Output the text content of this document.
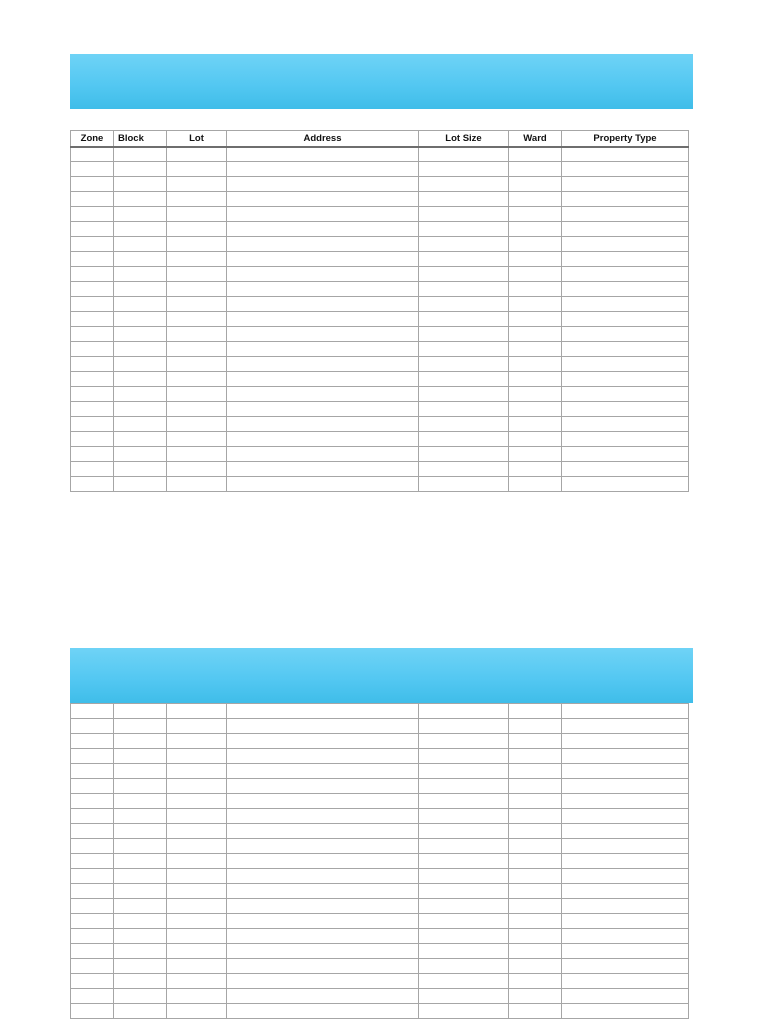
Zone	Block	Lot	Address	Lot Size	Ward	Property Type
